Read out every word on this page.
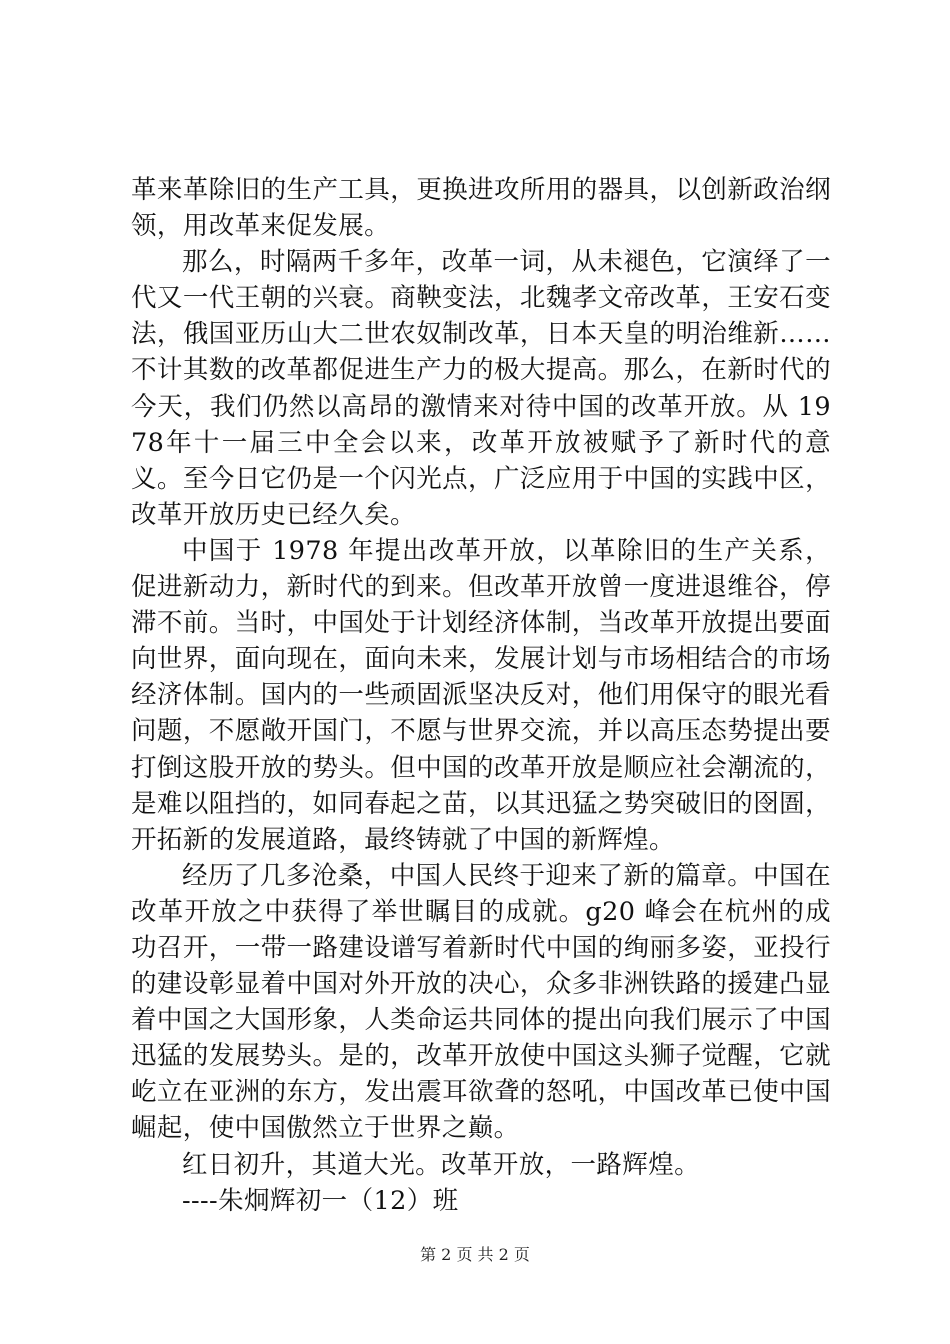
革来革除旧的生产工具，更换进攻所用的器具，以创新政治纲领，用改革来促发展。

那么，时隔两千多年，改革一词，从未褪色，它演绎了一代又一代王朝的兴衰。商鞅变法，北魏孝文帝改革，王安石变法，俄国亚历山大二世农奴制改革，日本天皇的明治维新……不计其数的改革都促进生产力的极大提高。那么，在新时代的今天，我们仍然以高昂的激情来对待中国的改革开放。从 1978年十一届三中全会以来，改革开放被赋予了新时代的意义。至今日它仍是一个闪光点，广泛应用于中国的实践中区，改革开放历史已经久矣。

中国于 1978 年提出改革开放，以革除旧的生产关系，促进新动力，新时代的到来。但改革开放曾一度进退维谷，停滞不前。当时，中国处于计划经济体制，当改革开放提出要面向世界，面向现在，面向未来，发展计划与市场相结合的市场经济体制。国内的一些顽固派坚决反对，他们用保守的眼光看问题，不愿敞开国门，不愿与世界交流，并以高压态势提出要打倒这股开放的势头。但中国的改革开放是顺应社会潮流的，是难以阻挡的，如同春起之苗，以其迅猛之势突破旧的囹圄，开拓新的发展道路，最终铸就了中国的新辉煌。

经历了几多沧桑，中国人民终于迎来了新的篇章。中国在改革开放之中获得了举世瞩目的成就。g20 峰会在杭州的成功召开，一带一路建设谱写着新时代中国的绚丽多姿，亚投行的建设彰显着中国对外开放的决心，众多非洲铁路的援建凸显着中国之大国形象，人类命运共同体的提出向我们展示了中国迅猛的发展势头。是的，改革开放使中国这头狮子觉醒，它就屹立在亚洲的东方，发出震耳欲聋的怒吼，中国改革已使中国崛起，使中国傲然立于世界之巅。

红日初升，其道大光。改革开放，一路辉煌。

----朱炯辉初一（12）班

第 2 页 共 2 页
